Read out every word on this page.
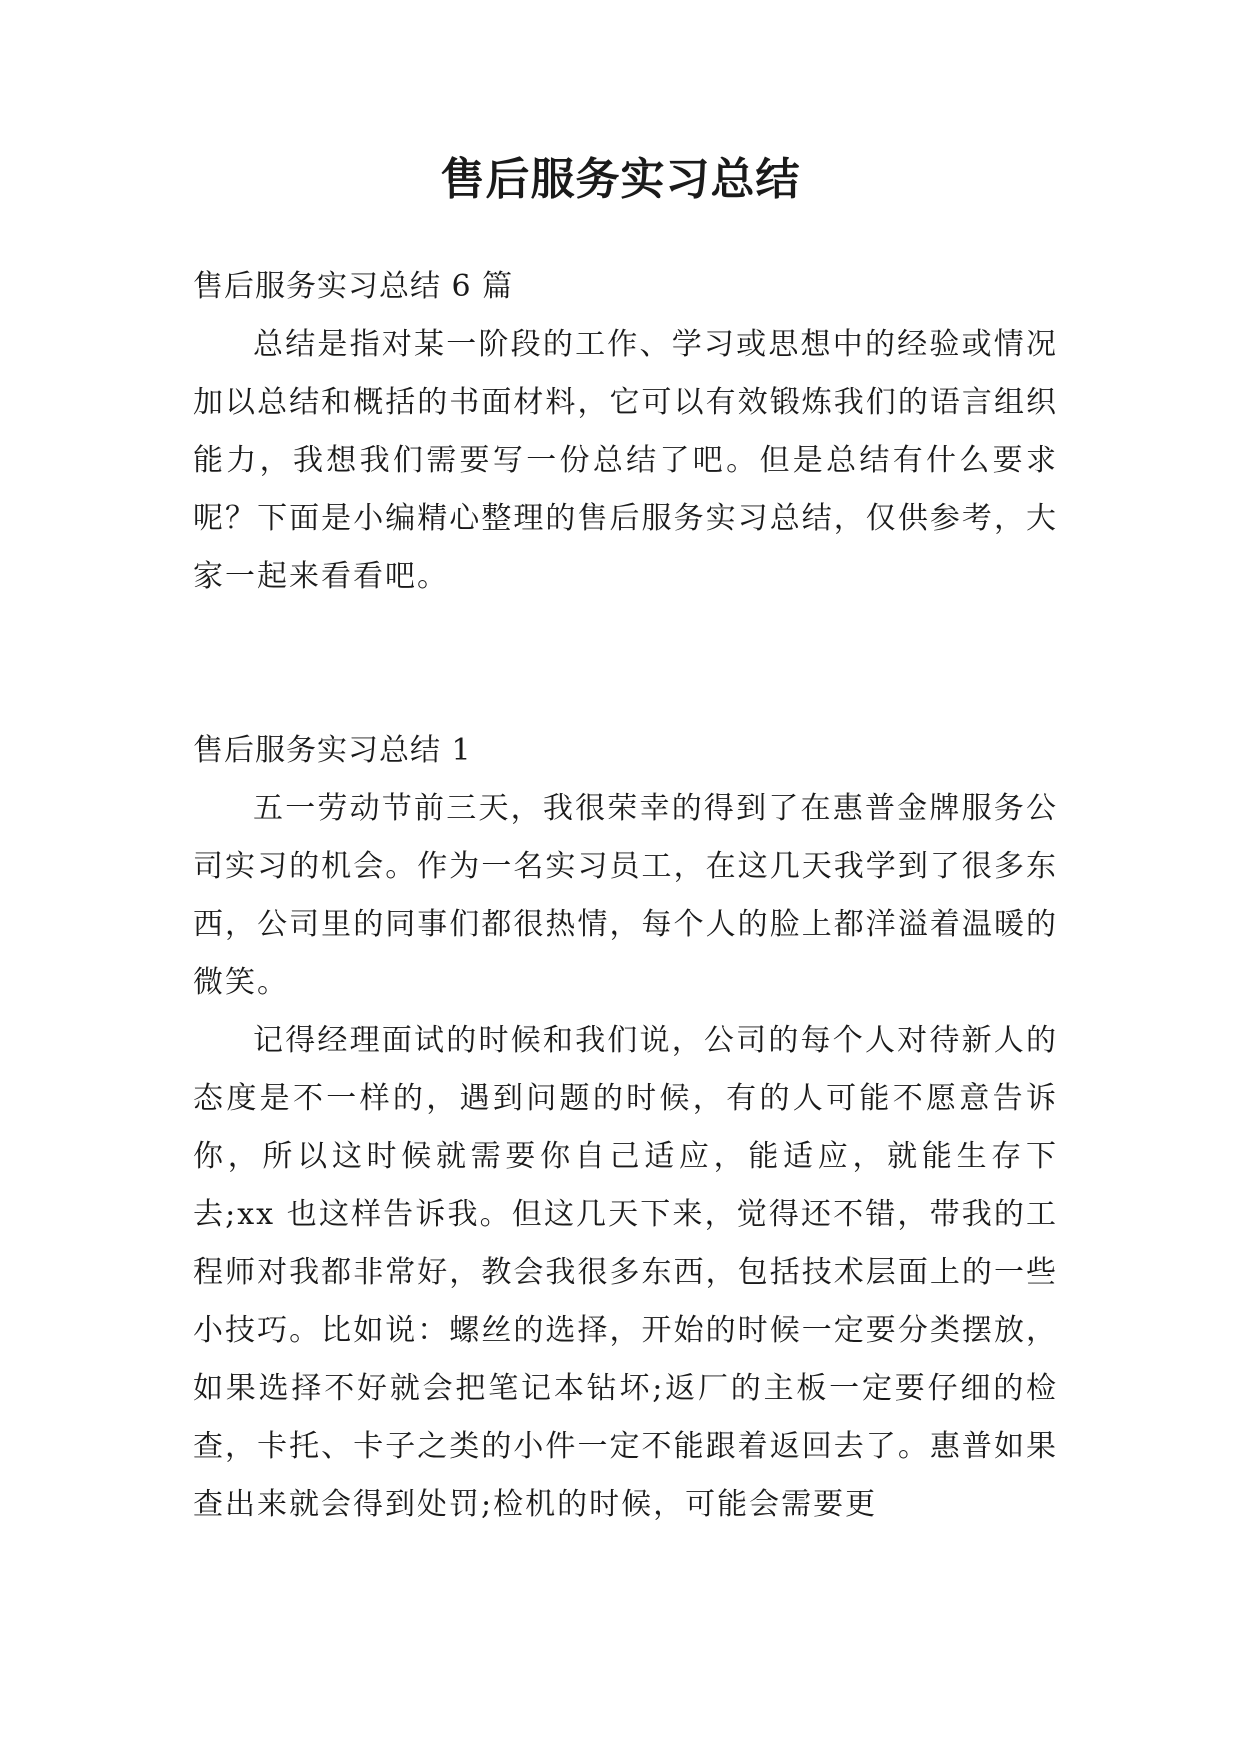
售后服务实习总结

售后服务实习总结 6 篇

总结是指对某一阶段的工作、学习或思想中的经验或情况加以总结和概括的书面材料，它可以有效锻炼我们的语言组织能力，我想我们需要写一份总结了吧。但是总结有什么要求呢？下面是小编精心整理的售后服务实习总结，仅供参考，大家一起来看看吧。

售后服务实习总结 1

五一劳动节前三天，我很荣幸的得到了在惠普金牌服务公司实习的机会。作为一名实习员工，在这几天我学到了很多东西，公司里的同事们都很热情，每个人的脸上都洋溢着温暖的微笑。

记得经理面试的时候和我们说，公司的每个人对待新人的态度是不一样的，遇到问题的时候，有的人可能不愿意告诉你，所以这时候就需要你自己适应，能适应，就能生存下去;xx 也这样告诉我。但这几天下来，觉得还不错，带我的工程师对我都非常好，教会我很多东西，包括技术层面上的一些小技巧。比如说：螺丝的选择，开始的时候一定要分类摆放，如果选择不好就会把笔记本钻坏;返厂的主板一定要仔细的检查，卡托、卡子之类的小件一定不能跟着返回去了。惠普如果查出来就会得到处罚;检机的时候，可能会需要更
